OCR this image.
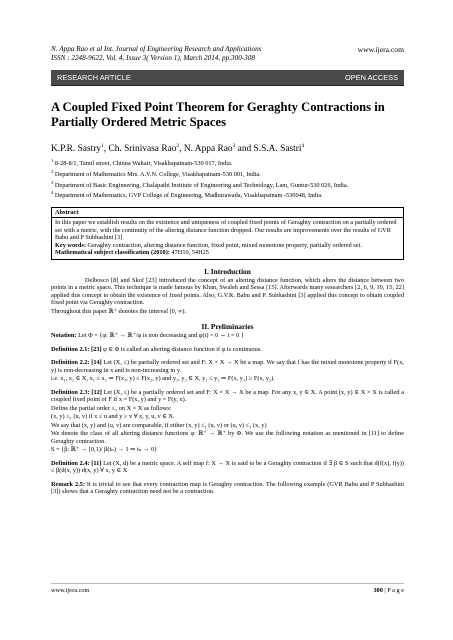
N. Appa Rao et al Int. Journal of Engineering Research and Applications
ISSN : 2248-9622, Vol. 4, Issue 3( Version 1), March 2014, pp.300-308
www.ijera.com
RESEARCH ARTICLE	OPEN ACCESS
A Coupled Fixed Point Theorem for Geraghty Contractions in Partially Ordered Metric Spaces
K.P.R. Sastry$^1$, Ch. Srinivasa Rao$^2$, N. Appa Rao$^3$ and S.S.A. Sastri$^4$
$^1$ 8-28-8/1, Tamil street, Chinna Waltair, Visakhapatnam-530 017, India.
$^2$ Department of Mathematics Mrs. A.V.N. College, Visakhapatnam-530 001, India.
$^3$ Department of Basic Engineering, Chalapathi Institute of Engineering and Technology, Lam, Guntur-530 026, India.
$^4$ Department of Mathematics, GVP College of Engineering, Madhurawada, Visakhapatnam -530048, India.
Abstract
In this paper we establish results on the existence and uniqueness of coupled fixed points of Geraghty contraction on a partially ordered set with a metric, with the continuity of the altering distance function dropped. Our results are improvements over the results of GVR Babu and P Subhashini [3].
Key words: Geraghty contraction, altering distance function, fixed point, mixed monotone property, partially ordered set.
Mathematical subject classification (2010): 47H10, 54H25
I. Introduction
Delbosco [8] and Skof [23] introduced the concept of an altering distance function, which alters the distance between two points in a metric space. This technique is made famous by Khan, Swaleh and Sessa [15]. Afterwards many researchers [2, 6, 9, 10, 15, 22] applied this concept to obtain the existence of fixed points. Also, G.V.R. Babu and P. Subhashini [3] applied this concept to obtain coupled fixed point via Geraghty contraction.
Throughout this paper ℝ⁺ denotes the interval [0, ∞).
II. Preliminaries
Notation: Let Φ = {φ: ℝ⁺ → ℝ⁺/φ is non decreasing and φ(t) = 0 ⇔ t = 0 }
Definition 2.1: [23] φ ∈ Φ is called an altering distance function if φ is continuous.
Definition 2.2: [14] Let (X, ≤) be partially ordered set and F: X × X → X be a map. We say that f has the mixed monotone property if F(x, y) is non-decreasing in x and is non-increasing in y.
i.e. x₁, x₂ ∈ X, x₁ ≤ x₂ ⇒ F(x₁, y) ≤ F(x₂, y) and y₁, y₂ ∈ X, y₁ ≤ y₂ ⇒ F(x, y₁) ≥ F(x, y₂).
Definition 2.3: [12] Let (X, ≤) be a partially ordered set and F: X × X → X be a map. For any x, y ∈ X. A point (x, y) ∈ X × X is called a coupled fixed point of F if x = F(x, y) and y = F(y, x).
Define the partial order ≤₁ on X × X as follows:
(x, y) ≤₁ (u, v) if x ≤ u and y ≥ v ∀ x, y, u, v ∈ X.
We say that (x, y) and (u, v) are comparable, if either (x, y) ≤₁ (u, v) or (u, v) ≤₁ (x, y)
We denote the class of all altering distance functions φ: ℝ⁺ → ℝ⁺ by Φ. We use the following notation as mentioned in [11] to define Geraghty contraction.
S = {β: ℝ⁺ → [0,1)/ β(tₙ) → 1 ⇒ tₙ → 0}
Definition 2.4: [11] Let (X, d) be a metric space. A self map f: X → X is said to be a Geraghty contraction if ∃ β ∈ S such that d(f(x), f(y)) ≤ β(d(x, y)) d(x, y) ∀ x, y ∈ X
Remark 2.5: It is trivial to see that every contraction map is Geraghty contraction. The following example (GVR Babu and P Subhashini [3]) shows that a Geraghty contraction need not be a contraction.
www.ijera.com	300 | P a g e
